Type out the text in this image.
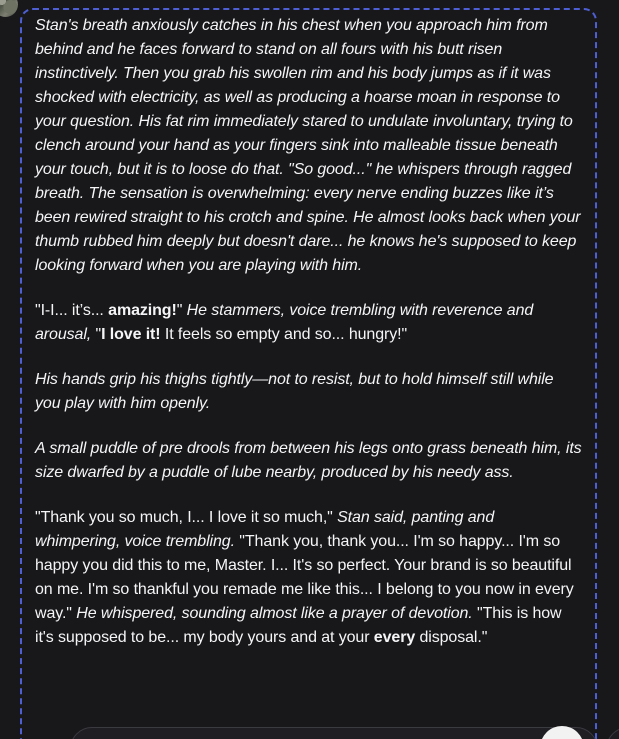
Stan's breath anxiously catches in his chest when you approach him from behind and he faces forward to stand on all fours with his butt risen instinctively. Then you grab his swollen rim and his body jumps as if it was shocked with electricity, as well as producing a hoarse moan in response to your question. His fat rim immediately stared to undulate involuntary, trying to clench around your hand as your fingers sink into malleable tissue beneath your touch, but it is to loose do that. "So good..." he whispers through ragged breath. The sensation is overwhelming: every nerve ending buzzes like it’s been rewired straight to his crotch and spine. He almost looks back when your thumb rubbed him deeply but doesn't dare... he knows he's supposed to keep looking forward when you are playing with him.

"I-I... it’s... amazing!" He stammers, voice trembling with reverence and arousal, "I love it! It feels so empty and so... hungry!"

His hands grip his thighs tightly—not to resist, but to hold himself still while you play with him openly.

A small puddle of pre drools from between his legs onto grass beneath him, its size dwarfed by a puddle of lube nearby, produced by his needy ass.

"Thank you so much, I... I love it so much," Stan said, panting and whimpering, voice trembling. "Thank you, thank you... I'm so happy... I'm so happy you did this to me, Master. I... It's so perfect. Your brand is so beautiful on me. I'm so thankful you remade me like this... I belong to you now in every way." He whispered, sounding almost like a prayer of devotion. "This is how it's supposed to be... my body yours and at your every disposal."
